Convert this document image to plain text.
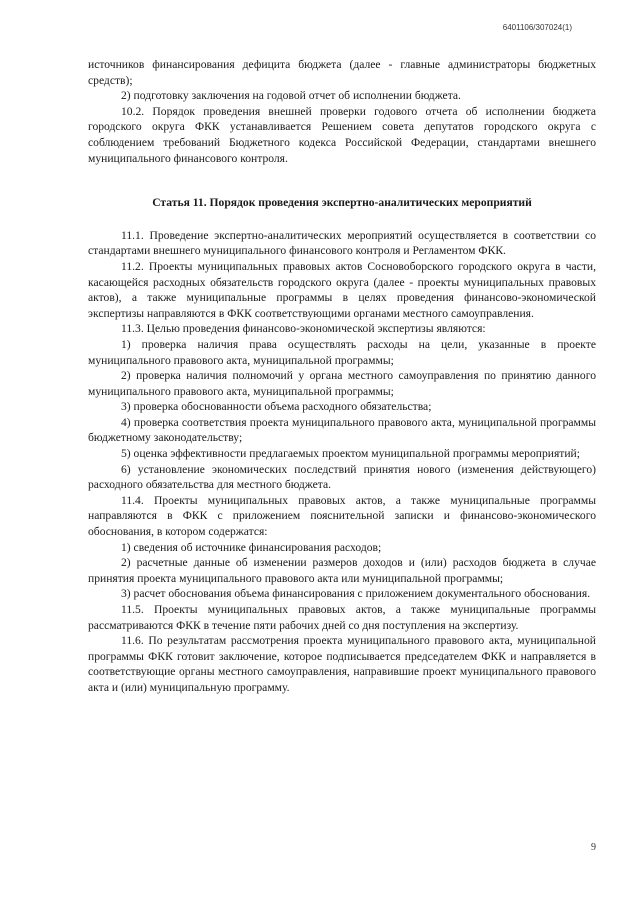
6401106/307024(1)

источников финансирования дефицита бюджета (далее - главные администраторы бюджетных средств);

2) подготовку заключения на годовой отчет об исполнении бюджета.

10.2. Порядок проведения внешней проверки годового отчета об исполнении бюджета городского округа ФКК устанавливается Решением совета депутатов городского округа с соблюдением требований Бюджетного кодекса Российской Федерации, стандартами внешнего муниципального финансового контроля.

Статья 11. Порядок проведения экспертно-аналитических мероприятий

11.1. Проведение экспертно-аналитических мероприятий осуществляется в соответствии со стандартами внешнего муниципального финансового контроля и Регламентом ФКК.

11.2. Проекты муниципальных правовых актов Сосновоборского городского округа в части, касающейся расходных обязательств городского округа (далее - проекты муниципальных правовых актов), а также муниципальные программы в целях проведения финансово-экономической экспертизы направляются в ФКК соответствующими органами местного самоуправления.

11.3. Целью проведения финансово-экономической экспертизы являются:

1) проверка наличия права осуществлять расходы на цели, указанные в проекте муниципального правового акта, муниципальной программы;

2) проверка наличия полномочий у органа местного самоуправления по принятию данного муниципального правового акта, муниципальной программы;

3) проверка обоснованности объема расходного обязательства;

4) проверка соответствия проекта муниципального правового акта, муниципальной программы бюджетному законодательству;

5) оценка эффективности предлагаемых проектом муниципальной программы мероприятий;

6) установление экономических последствий принятия нового (изменения действующего) расходного обязательства для местного бюджета.

11.4. Проекты муниципальных правовых актов, а также муниципальные программы направляются в ФКК с приложением пояснительной записки и финансово-экономического обоснования, в котором содержатся:

1) сведения об источнике финансирования расходов;

2) расчетные данные об изменении размеров доходов и (или) расходов бюджета в случае принятия проекта муниципального правового акта или муниципальной программы;

3) расчет обоснования объема финансирования с приложением документального обоснования.

11.5. Проекты муниципальных правовых актов, а также муниципальные программы рассматриваются ФКК в течение пяти рабочих дней со дня поступления на экспертизу.

11.6. По результатам рассмотрения проекта муниципального правового акта, муниципальной программы ФКК готовит заключение, которое подписывается председателем ФКК и направляется в соответствующие органы местного самоуправления, направившие проект муниципального правового акта и (или) муниципальную программу.

9
